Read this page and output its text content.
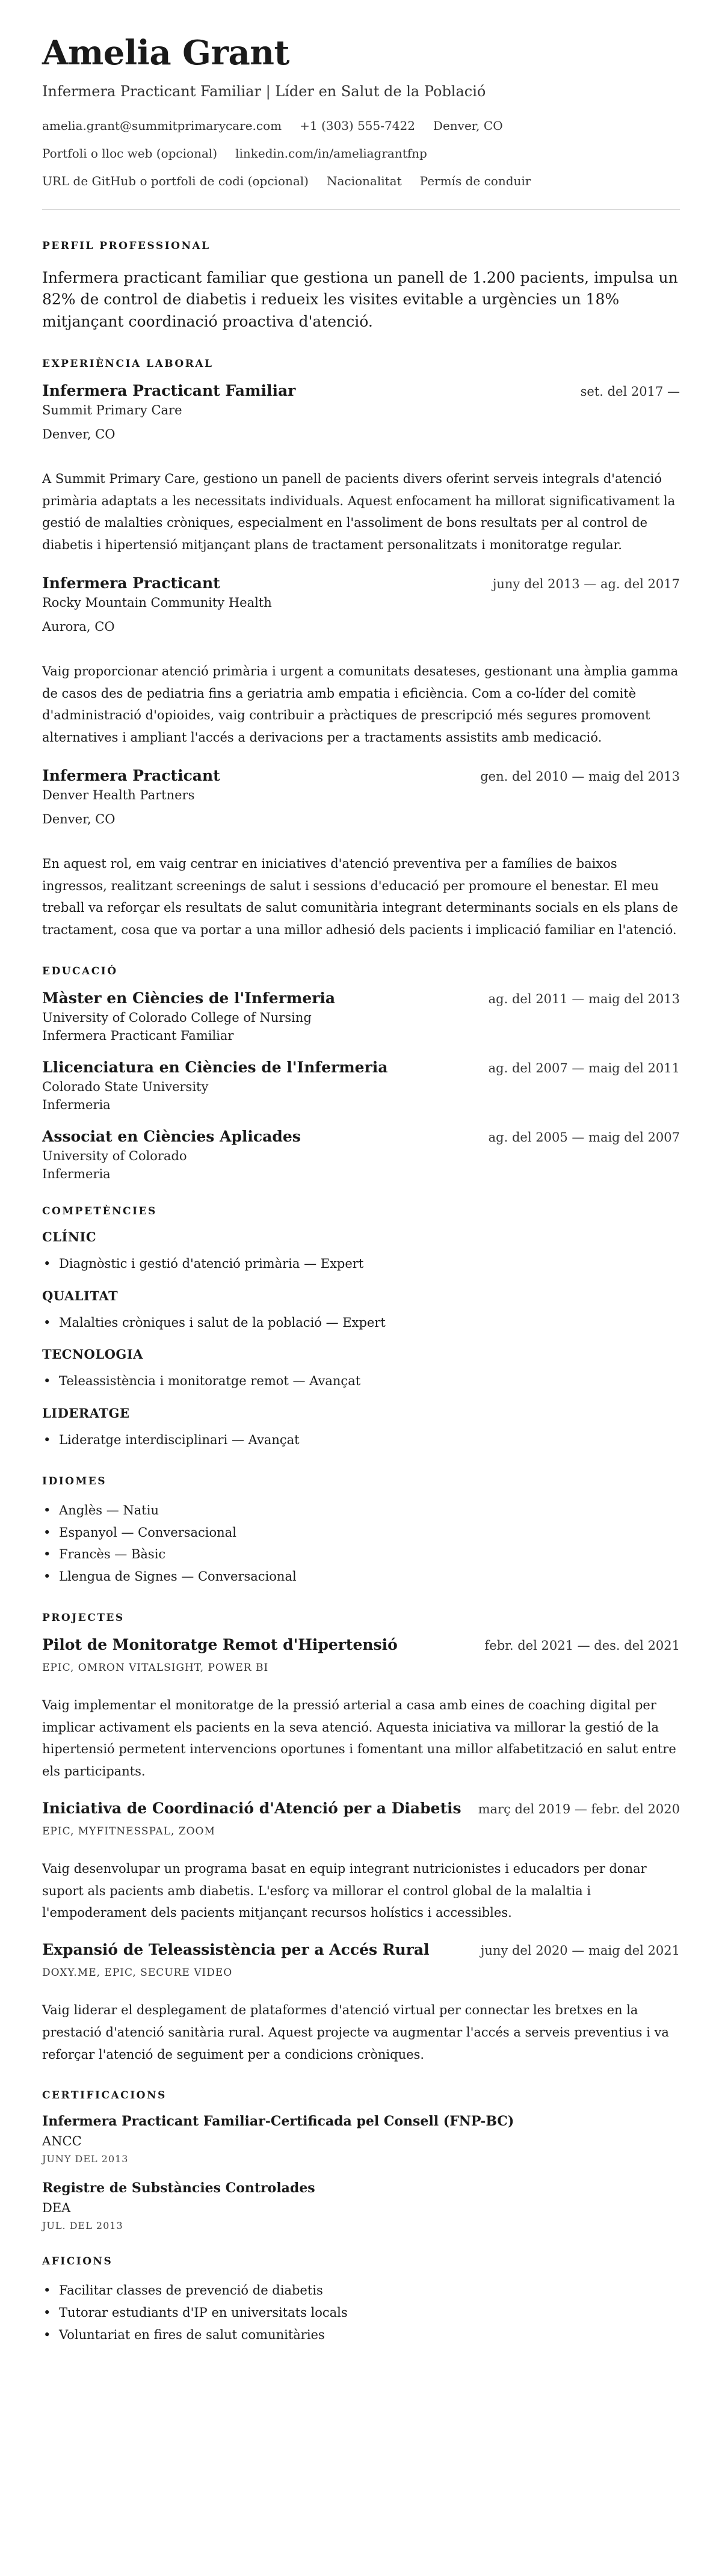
Amelia Grant
Infermera Practicant Familiar | Líder en Salut de la Població
amelia.grant@summitprimarycare.com +1 (303) 555-7422 Denver, CO
Portfoli o lloc web (opcional) linkedin.com/in/ameliagrantfnp
URL de GitHub o portfoli de codi (opcional) Nacionalitat Permís de conduir
PERFIL PROFESSIONAL

Infermera practicant familiar que gestiona un panell de 1.200 pacients, impulsa un 82% de control de diabetis i redueix les visites evitable a urgències un 18% mitjançant coordinació proactiva d'atenció.

EXPERIÈNCIA LABORAL
Infermera Practicant Familiar	set. del 2017 —
Summit Primary Care
Denver, CO

A Summit Primary Care, gestiono un panell de pacients divers oferint serveis integrals d'atenció primària adaptats a les necessitats individuals. Aquest enfocament ha millorat significativament la gestió de malalties cròniques, especialment en l'assoliment de bons resultats per al control de diabetis i hipertensió mitjançant plans de tractament personalitzats i monitoratge regular.

Infermera Practicant	juny del 2013 — ag. del 2017
Rocky Mountain Community Health
Aurora, CO

Vaig proporcionar atenció primària i urgent a comunitats desateses, gestionant una àmplia gamma de casos des de pediatria fins a geriatria amb empatia i eficiència. Com a co-líder del comitè d'administració d'opioides, vaig contribuir a pràctiques de prescripció més segures promovent alternatives i ampliant l'accés a derivacions per a tractaments assistits amb medicació.

Infermera Practicant	gen. del 2010 — maig del 2013
Denver Health Partners
Denver, CO

En aquest rol, em vaig centrar en iniciatives d'atenció preventiva per a famílies de baixos ingressos, realitzant screenings de salut i sessions d'educació per promoure el benestar. El meu treball va reforçar els resultats de salut comunitària integrant determinants socials en els plans de tractament, cosa que va portar a una millor adhesió dels pacients i implicació familiar en l'atenció.

EDUCACIÓ
Màster en Ciències de l'Infermeria	ag. del 2011 — maig del 2013
University of Colorado College of Nursing
Infermera Practicant Familiar
Llicenciatura en Ciències de l'Infermeria	ag. del 2007 — maig del 2011
Colorado State University
Infermeria
Associat en Ciències Aplicades	ag. del 2005 — maig del 2007
University of Colorado
Infermeria
COMPETÈNCIES
CLÍNIC
• Diagnòstic i gestió d'atenció primària — Expert
QUALITAT
• Malalties cròniques i salut de la població — Expert
TECNOLOGIA
• Teleassistència i monitoratge remot — Avançat
LIDERATGE
• Lideratge interdisciplinari — Avançat
IDIOMES
• Anglès — Natiu
• Espanyol — Conversacional
• Francès — Bàsic
• Llengua de Signes — Conversacional
PROJECTES
Pilot de Monitoratge Remot d'Hipertensió	febr. del 2021 — des. del 2021
EPIC, OMRON VITALSIGHT, POWER BI

Vaig implementar el monitoratge de la pressió arterial a casa amb eines de coaching digital per implicar activament els pacients en la seva atenció. Aquesta iniciativa va millorar la gestió de la hipertensió permetent intervencions oportunes i fomentant una millor alfabetització en salut entre els participants.

Iniciativa de Coordinació d'Atenció per a Diabetis març del 2019 — febr. del 2020
EPIC, MYFITNESSPAL, ZOOM

Vaig desenvolupar un programa basat en equip integrant nutricionistes i educadors per donar suport als pacients amb diabetis. L'esforç va millorar el control global de la malaltia i l'empoderament dels pacients mitjançant recursos holístics i accessibles.

Expansió de Teleassistència per a Accés Rural	juny del 2020 — maig del 2021
DOXY.ME, EPIC, SECURE VIDEO

Vaig liderar el desplegament de plataformes d'atenció virtual per connectar les bretxes en la prestació d'atenció sanitària rural. Aquest projecte va augmentar l'accés a serveis preventius i va reforçar l'atenció de seguiment per a condicions cròniques.

CERTIFICACIONS
Infermera Practicant Familiar-Certificada pel Consell (FNP-BC)
ANCC
JUNY DEL 2013
Registre de Substàncies Controlades
DEA
JUL. DEL 2013
AFICIONS
• Facilitar classes de prevenció de diabetis
• Tutorar estudiants d'IP en universitats locals
• Voluntariat en fires de salut comunitàries
